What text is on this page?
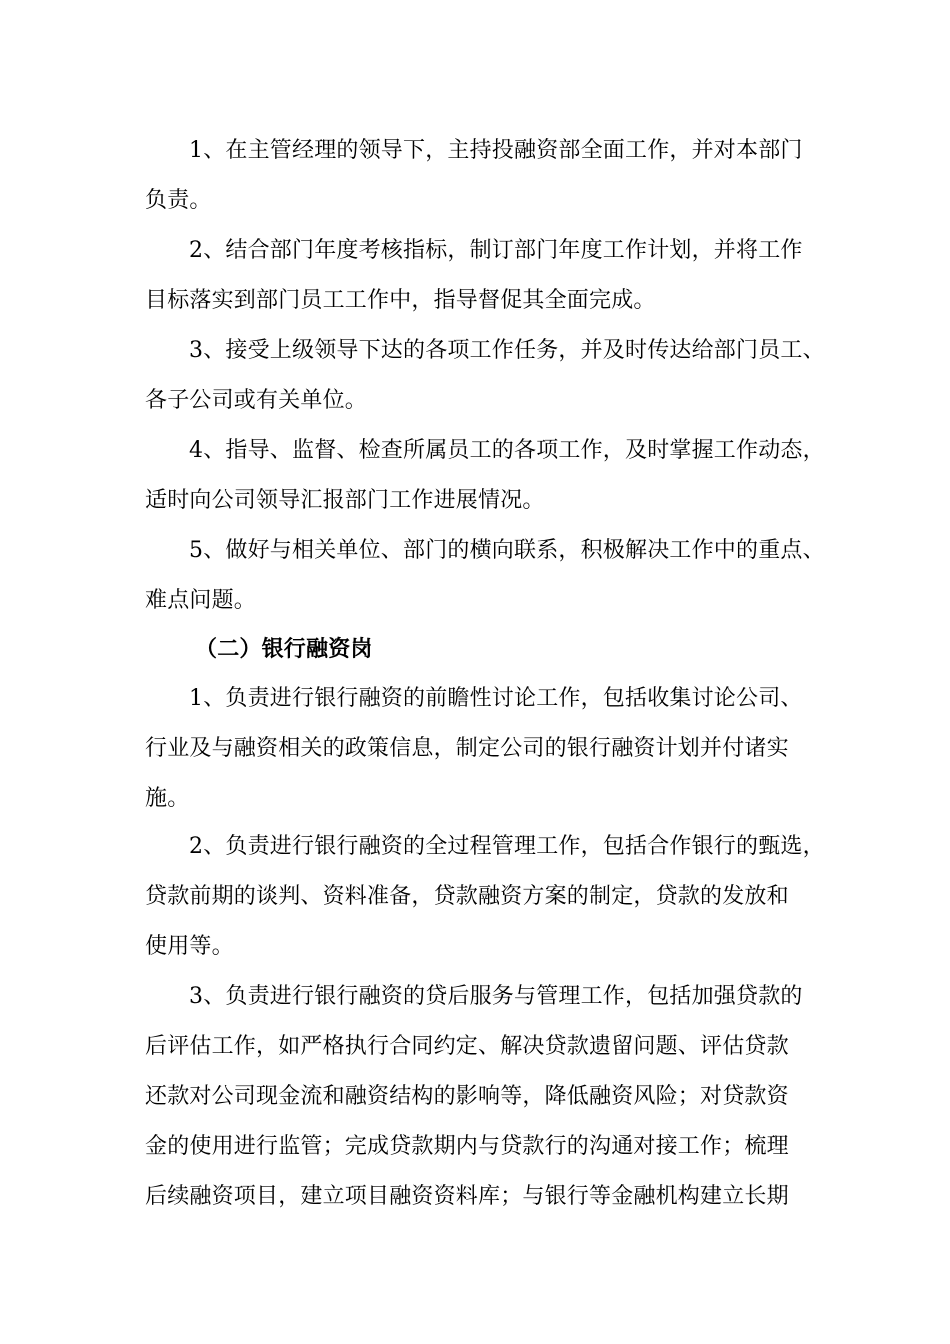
1、在主管经理的领导下，主持投融资部全面工作，并对本部门
负责。
2、结合部门年度考核指标，制订部门年度工作计划，并将工作
目标落实到部门员工工作中，指导督促其全面完成。
3、接受上级领导下达的各项工作任务，并及时传达给部门员工、
各子公司或有关单位。
4、指导、监督、检查所属员工的各项工作，及时掌握工作动态，
适时向公司领导汇报部门工作进展情况。
5、做好与相关单位、部门的横向联系，积极解决工作中的重点、
难点问题。
（二）银行融资岗
1、负责进行银行融资的前瞻性讨论工作，包括收集讨论公司、
行业及与融资相关的政策信息，制定公司的银行融资计划并付诸实
施。
2、负责进行银行融资的全过程管理工作，包括合作银行的甄选，
贷款前期的谈判、资料准备，贷款融资方案的制定，贷款的发放和
使用等。
3、负责进行银行融资的贷后服务与管理工作，包括加强贷款的
后评估工作，如严格执行合同约定、解决贷款遗留问题、评估贷款
还款对公司现金流和融资结构的影响等，降低融资风险；对贷款资
金的使用进行监管；完成贷款期内与贷款行的沟通对接工作；梳理
后续融资项目，建立项目融资资料库；与银行等金融机构建立长期
